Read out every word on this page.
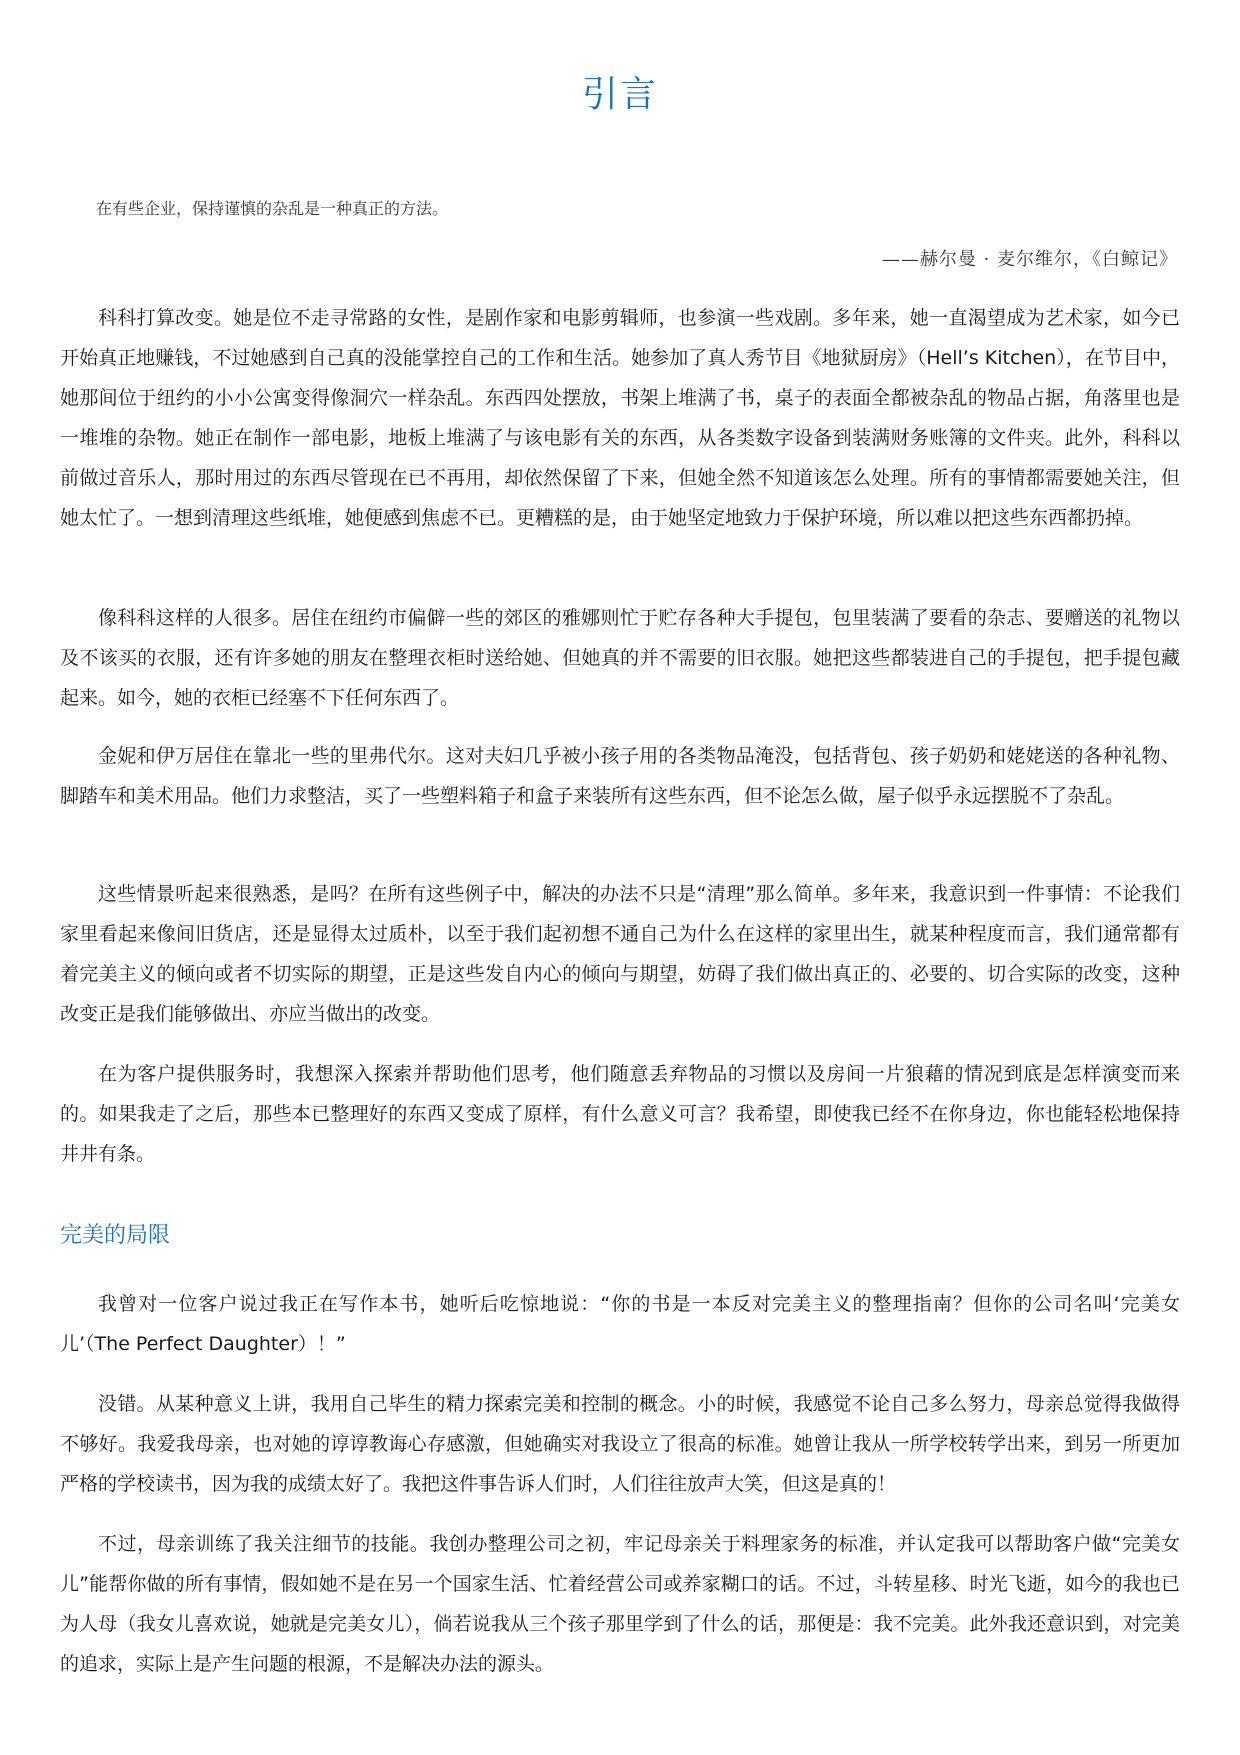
引言
在有些企业，保持谨慎的杂乱是一种真正的方法。
——赫尔曼 · 麦尔维尔，《白鲸记》

科科打算改变。她是位不走寻常路的女性，是剧作家和电影剪辑师，也参演一些戏剧。多年来，她一直渴望成为艺术家，如今已开始真正地赚钱，不过她感到自己真的没能掌控自己的工作和生活。她参加了真人秀节目《地狱厨房》（Hell’s Kitchen），在节目中，她那间位于纽约的小小公寓变得像洞穴一样杂乱。东西四处摆放，书架上堆满了书，桌子的表面全都被杂乱的物品占据，角落里也是一堆堆的杂物。她正在制作一部电影，地板上堆满了与该电影有关的东西，从各类数字设备到装满财务账簿的文件夹。此外，科科以前做过音乐人，那时用过的东西尽管现在已不再用，却依然保留了下来，但她全然不知道该怎么处理。所有的事情都需要她关注，但她太忙了。一想到清理这些纸堆，她便感到焦虑不已。更糟糕的是，由于她坚定地致力于保护环境，所以难以把这些东西都扔掉。

像科科这样的人很多。居住在纽约市偏僻一些的郊区的雅娜则忙于贮存各种大手提包，包里装满了要看的杂志、要赠送的礼物以及不该买的衣服，还有许多她的朋友在整理衣柜时送给她、但她真的并不需要的旧衣服。她把这些都装进自己的手提包，把手提包藏起来。如今，她的衣柜已经塞不下任何东西了。

金妮和伊万居住在靠北一些的里弗代尔。这对夫妇几乎被小孩子用的各类物品淹没，包括背包、孩子奶奶和姥姥送的各种礼物、脚踏车和美术用品。他们力求整洁，买了一些塑料箱子和盒子来装所有这些东西，但不论怎么做，屋子似乎永远摆脱不了杂乱。

这些情景听起来很熟悉，是吗？在所有这些例子中，解决的办法不只是“清理”那么简单。多年来，我意识到一件事情：不论我们家里看起来像间旧货店，还是显得太过质朴，以至于我们起初想不通自己为什么在这样的家里出生，就某种程度而言，我们通常都有着完美主义的倾向或者不切实际的期望，正是这些发自内心的倾向与期望，妨碍了我们做出真正的、必要的、切合实际的改变，这种改变正是我们能够做出、亦应当做出的改变。

在为客户提供服务时，我想深入探索并帮助他们思考，他们随意丢弃物品的习惯以及房间一片狼藉的情况到底是怎样演变而来的。如果我走了之后，那些本已整理好的东西又变成了原样，有什么意义可言？我希望，即使我已经不在你身边，你也能轻松地保持井井有条。

完美的局限

我曾对一位客户说过我正在写作本书，她听后吃惊地说：“你的书是一本反对完美主义的整理指南？但你的公司名叫‘完美女儿’（The Perfect Daughter）！”

没错。从某种意义上讲，我用自己毕生的精力探索完美和控制的概念。小的时候，我感觉不论自己多么努力，母亲总觉得我做得不够好。我爱我母亲，也对她的谆谆教诲心存感激，但她确实对我设立了很高的标准。她曾让我从一所学校转学出来，到另一所更加严格的学校读书，因为我的成绩太好了。我把这件事告诉人们时，人们往往放声大笑，但这是真的！

不过，母亲训练了我关注细节的技能。我创办整理公司之初，牢记母亲关于料理家务的标准，并认定我可以帮助客户做“完美女儿”能帮你做的所有事情，假如她不是在另一个国家生活、忙着经营公司或养家糊口的话。不过，斗转星移、时光飞逝，如今的我也已为人母（我女儿喜欢说，她就是完美女儿），倘若说我从三个孩子那里学到了什么的话，那便是：我不完美。此外我还意识到，对完美的追求，实际上是产生问题的根源，不是解决办法的源头。
